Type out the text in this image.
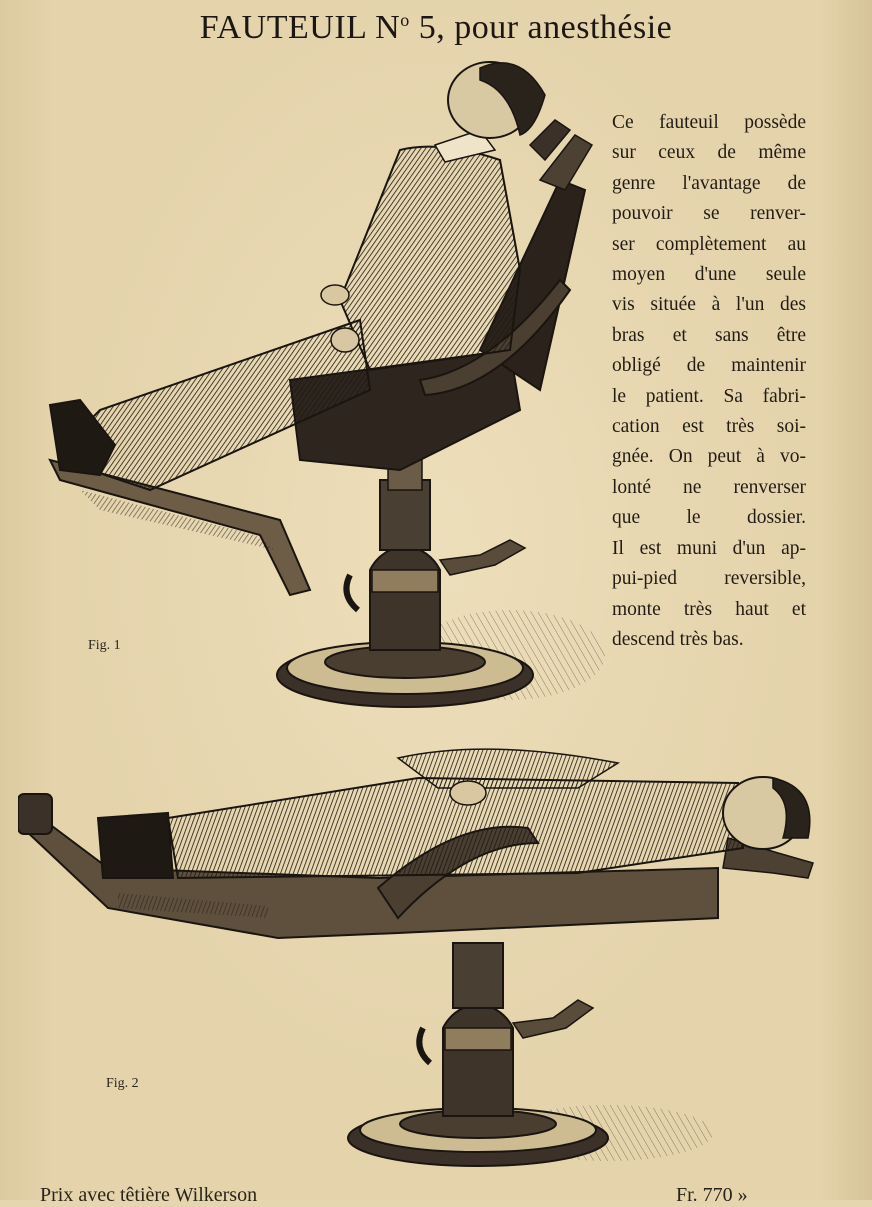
FAUTEUIL $N^o$ 5, pour anesthésie
Fig. 1
Ce fauteuil possède
sur ceux de même
genre l'avantage de
pouvoir se renver-
ser complètement au
moyen d'une seule
vis située à l'un des
bras et sans être
obligé de maintenir
le patient. Sa fabri-
cation est très soi-
gnée. On peut à vo-
lonté ne renverser
que le dossier.
Il est muni d'un ap-
pui-pied reversible,
monte très haut et
descend très bas.
Fig. 2
Prix avec têtière Wilkerson	Fr. 770 »
